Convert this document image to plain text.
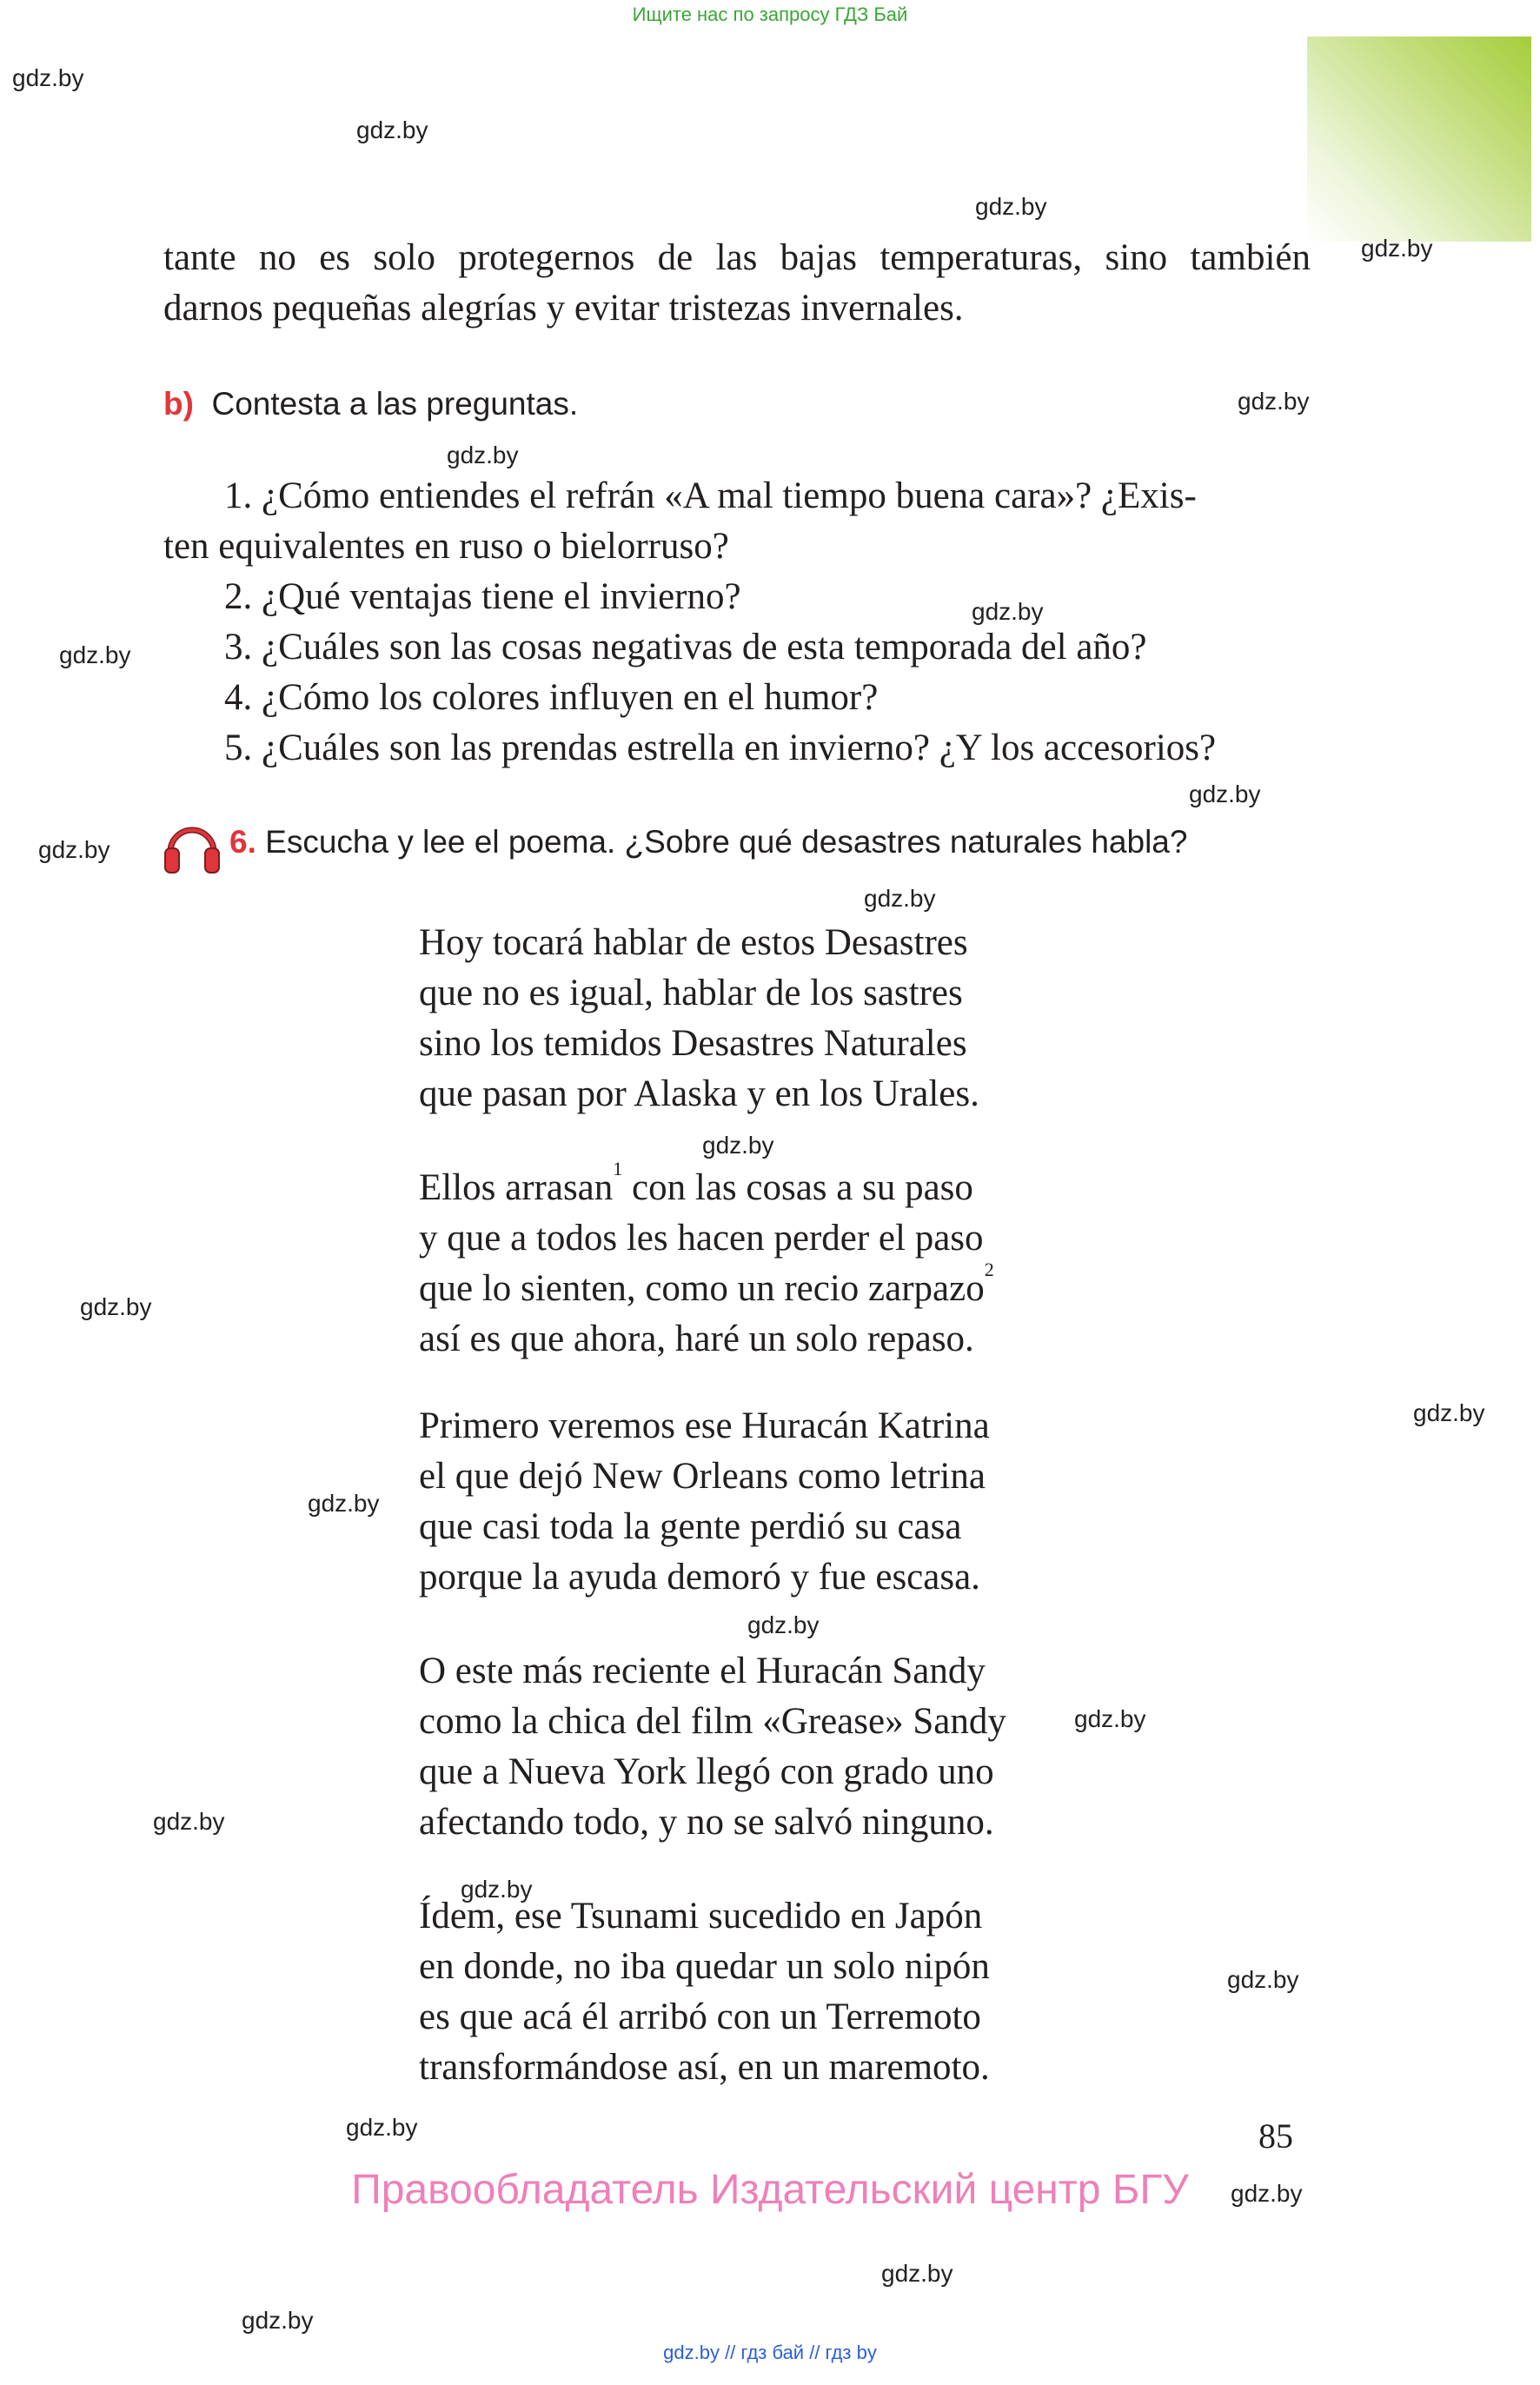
Ищите нас по запросу ГДЗ Бай
gdz.by
gdz.by
gdz.by
gdz.by
gdz.by
gdz.by
gdz.by
gdz.by
gdz.by
gdz.by
gdz.by
gdz.by
gdz.by
gdz.by
gdz.by
gdz.by
gdz.by
gdz.by
gdz.by
gdz.by
gdz.by
gdz.by
gdz.by
gdz.by
tante no es solo protegernos de las bajas temperaturas, sino también
darnos pequeñas alegrías y evitar tristezas invernales.
b) Contesta a las preguntas.
1. ¿Cómo entiendes el refrán «A mal tiempo buena cara»? ¿Exis-
ten equivalentes en ruso o bielorruso?
2. ¿Qué ventajas tiene el invierno?
3. ¿Cuáles son las cosas negativas de esta temporada del año?
4. ¿Cómo los colores influyen en el humor?
5. ¿Cuáles son las prendas estrella en invierno? ¿Y los accesorios?
6. Escucha y lee el poema. ¿Sobre qué desastres naturales habla?
Hoy tocará hablar de estos Desastres
que no es igual, hablar de los sastres
sino los temidos Desastres Naturales
que pasan por Alaska y en los Urales.
Ellos arrasan$^1$ con las cosas a su paso
y que a todos les hacen perder el paso
que lo sienten, como un recio zarpazo$^2$
así es que ahora, haré un solo repaso.
Primero veremos ese Huracán Katrina
el que dejó New Orleans como letrina
que casi toda la gente perdió su casa
porque la ayuda demoró y fue escasa.
O este más reciente el Huracán Sandy
como la chica del film «Grease» Sandy
que a Nueva York llegó con grado uno
afectando todo, y no se salvó ninguno.
Ídem, ese Tsunami sucedido en Japón
en donde, no iba quedar un solo nipón
es que acá él arribó con un Terremoto
transformándose así, en un maremoto.
85
Правообладатель Издательский центр БГУ
gdz.by // гдз бай // гдз by
